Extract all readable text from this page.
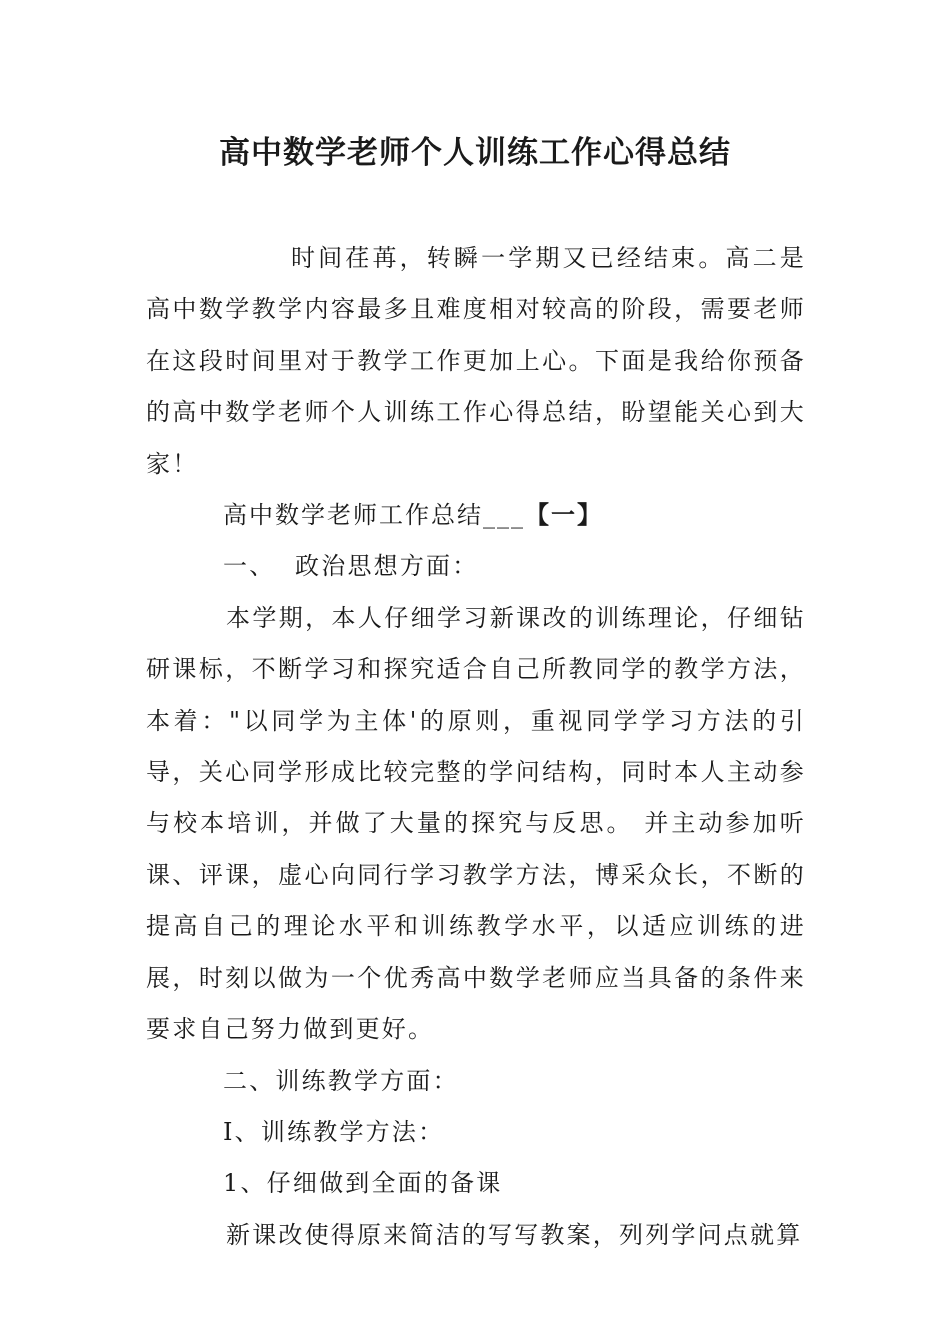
高中数学老师个人训练工作心得总结

时间荏苒，转瞬一学期又已经结束。高二是高中数学教学内容最多且难度相对较高的阶段，需要老师在这段时间里对于教学工作更加上心。下面是我给你预备的高中数学老师个人训练工作心得总结，盼望能关心到大家！

高中数学老师工作总结___【一】

一、  政治思想方面：

本学期，本人仔细学习新课改的训练理论，仔细钻研课标，不断学习和探究适合自己所教同学的教学方法，本着："以同学为主体'的原则，重视同学学习方法的引导，关心同学形成比较完整的学问结构，同时本人主动参与校本培训，并做了大量的探究与反思。 并主动参加听课、评课，虚心向同行学习教学方法，博采众长，不断的提高自己的理论水平和训练教学水平，以适应训练的进展，时刻以做为一个优秀高中数学老师应当具备的条件来要求自己努力做到更好。

二、训练教学方面：

Ⅰ、训练教学方法：

1、仔细做到全面的备课

新课改使得原来简洁的写写教案，列列学问点就算
